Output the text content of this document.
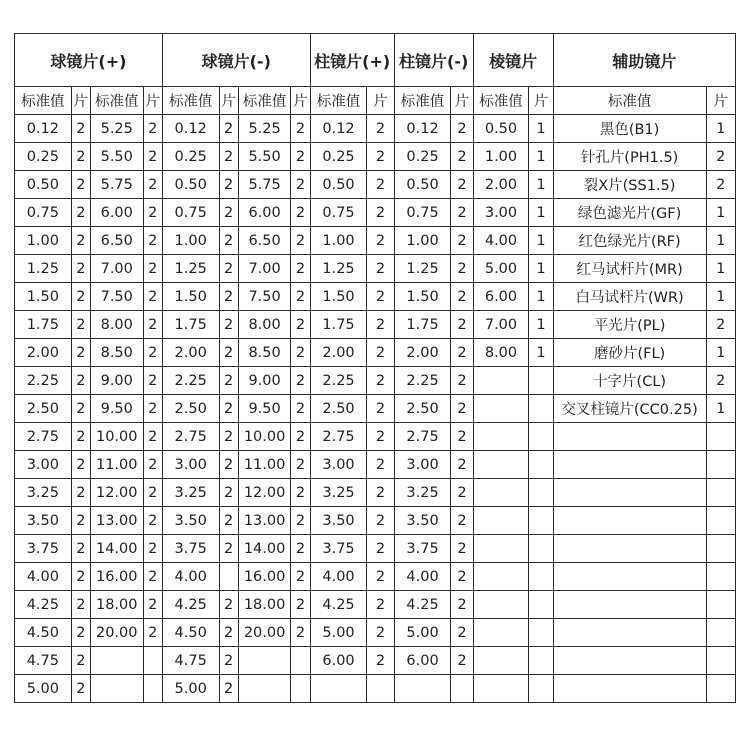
球镜片(+)				球镜片(-)				柱镜片(+)		柱镜片(-)		棱镜片		辅助镜片	
标准值	片	标准值	片	标准值	片	标准值	片	标准值	片	标准值	片	标准值	片	标准值	片
0.12	2	5.25	2	0.12	2	5.25	2	0.12	2	0.12	2	0.50	1	黑色(B1)	1
0.25	2	5.50	2	0.25	2	5.50	2	0.25	2	0.25	2	1.00	1	针孔片(PH1.5)	2
0.50	2	5.75	2	0.50	2	5.75	2	0.50	2	0.50	2	2.00	1	裂X片(SS1.5)	2
0.75	2	6.00	2	0.75	2	6.00	2	0.75	2	0.75	2	3.00	1	绿色滤光片(GF)	1
1.00	2	6.50	2	1.00	2	6.50	2	1.00	2	1.00	2	4.00	1	红色绿光片(RF)	1
1.25	2	7.00	2	1.25	2	7.00	2	1.25	2	1.25	2	5.00	1	红马试杆片(MR)	1
1.50	2	7.50	2	1.50	2	7.50	2	1.50	2	1.50	2	6.00	1	白马试杆片(WR)	1
1.75	2	8.00	2	1.75	2	8.00	2	1.75	2	1.75	2	7.00	1	平光片(PL)	2
2.00	2	8.50	2	2.00	2	8.50	2	2.00	2	2.00	2	8.00	1	磨砂片(FL)	1
2.25	2	9.00	2	2.25	2	9.00	2	2.25	2	2.25	2			十字片(CL)	2
2.50	2	9.50	2	2.50	2	9.50	2	2.50	2	2.50	2			交叉柱镜片(CC0.25)	1
2.75	2	10.00	2	2.75	2	10.00	2	2.75	2	2.75	2				
3.00	2	11.00	2	3.00	2	11.00	2	3.00	2	3.00	2				
3.25	2	12.00	2	3.25	2	12.00	2	3.25	2	3.25	2				
3.50	2	13.00	2	3.50	2	13.00	2	3.50	2	3.50	2				
3.75	2	14.00	2	3.75	2	14.00	2	3.75	2	3.75	2				
4.00	2	16.00	2	4.00		16.00	2	4.00	2	4.00	2				
4.25	2	18.00	2	4.25	2	18.00	2	4.25	2	4.25	2				
4.50	2	20.00	2	4.50	2	20.00	2	5.00	2	5.00	2				
4.75	2			4.75	2			6.00	2	6.00	2				
5.00	2			5.00	2										
